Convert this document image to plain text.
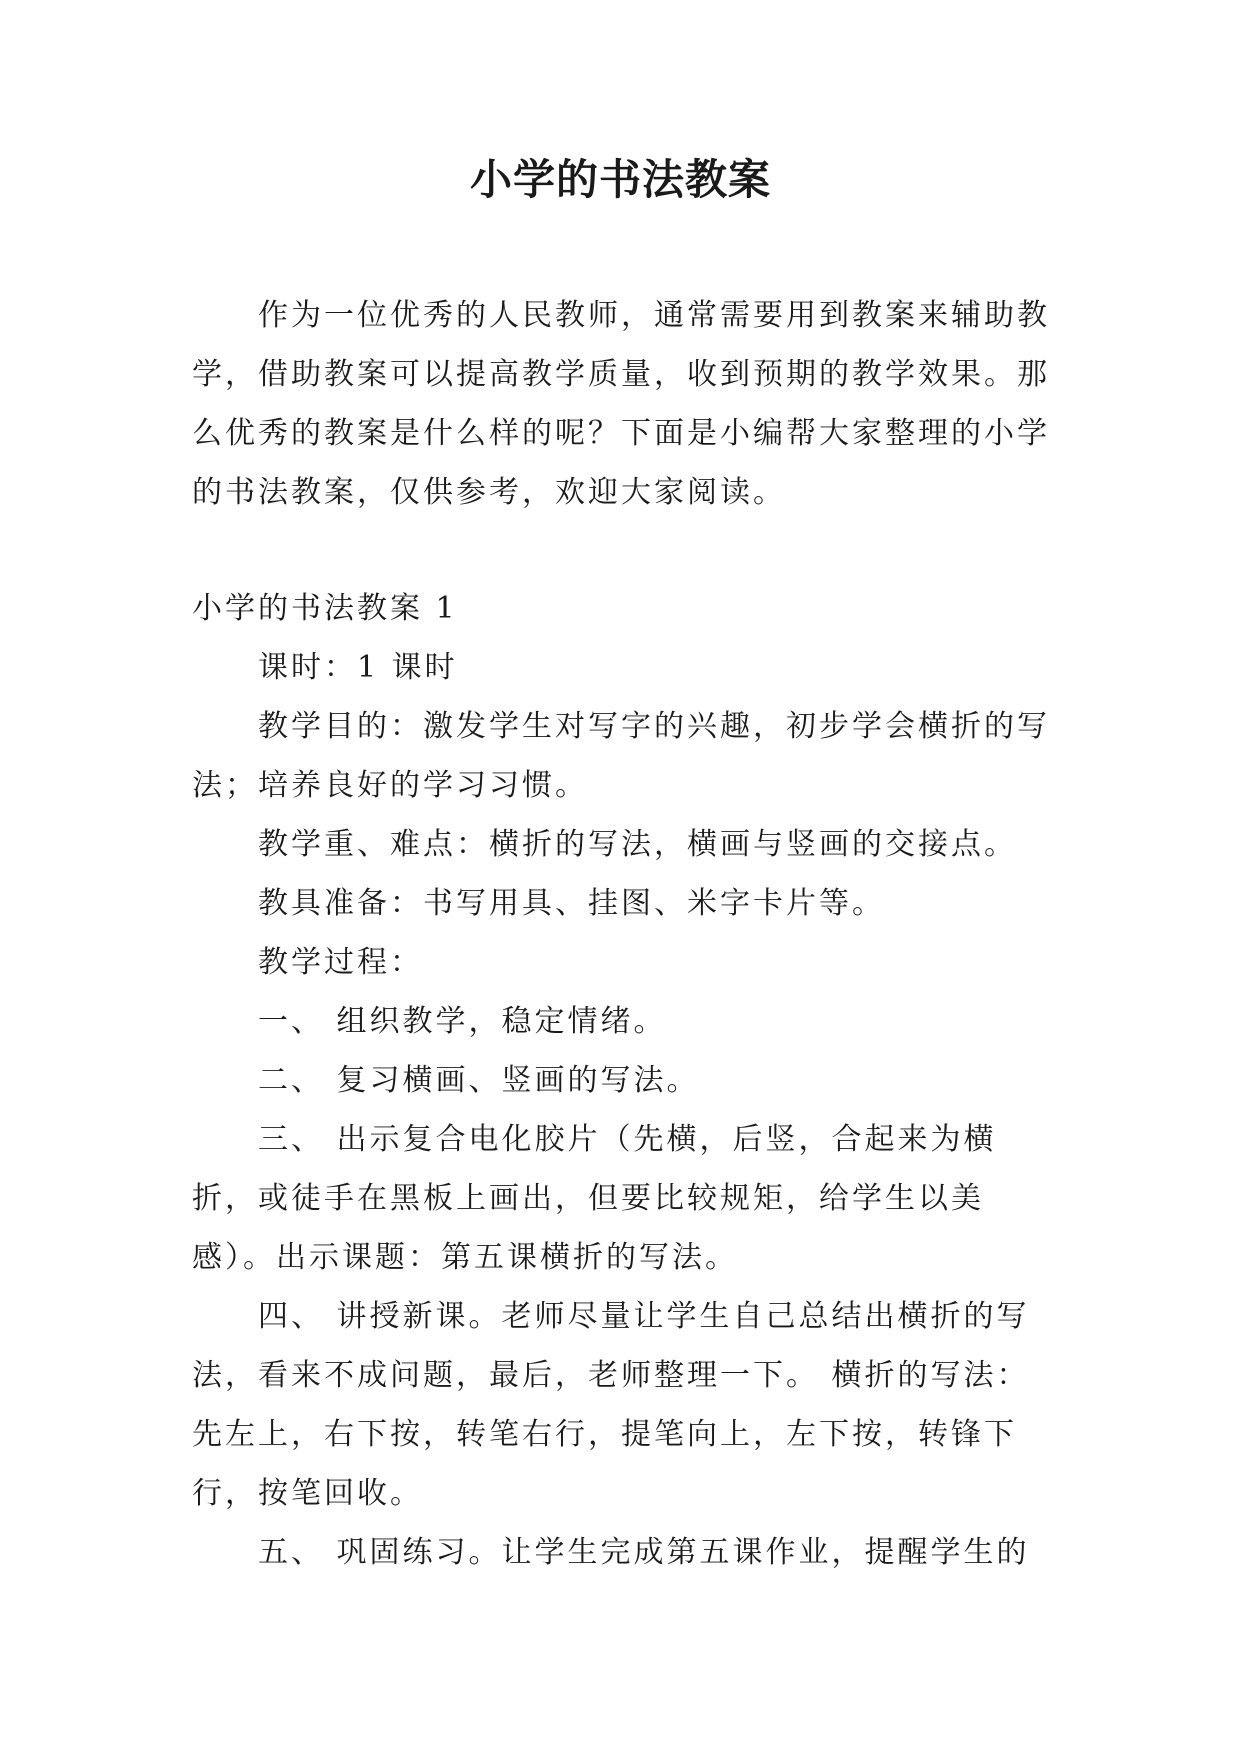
小学的书法教案

作为一位优秀的人民教师，通常需要用到教案来辅助教学，借助教案可以提高教学质量，收到预期的教学效果。那么优秀的教案是什么样的呢？下面是小编帮大家整理的小学的书法教案，仅供参考，欢迎大家阅读。

小学的书法教案 1

课时：1 课时

教学目的：激发学生对写字的兴趣，初步学会横折的写法；培养良好的学习习惯。

教学重、难点：横折的写法，横画与竖画的交接点。

教具准备：书写用具、挂图、米字卡片等。

教学过程：

一、 组织教学，稳定情绪。

二、 复习横画、竖画的写法。

三、 出示复合电化胶片（先横，后竖，合起来为横折，或徒手在黑板上画出，但要比较规矩，给学生以美感）。出示课题：第五课横折的写法。

四、 讲授新课。老师尽量让学生自己总结出横折的写法，看来不成问题，最后，老师整理一下。 横折的写法：先左上，右下按，转笔右行，提笔向上，左下按，转锋下行，按笔回收。

五、 巩固练习。让学生完成第五课作业，提醒学生的
